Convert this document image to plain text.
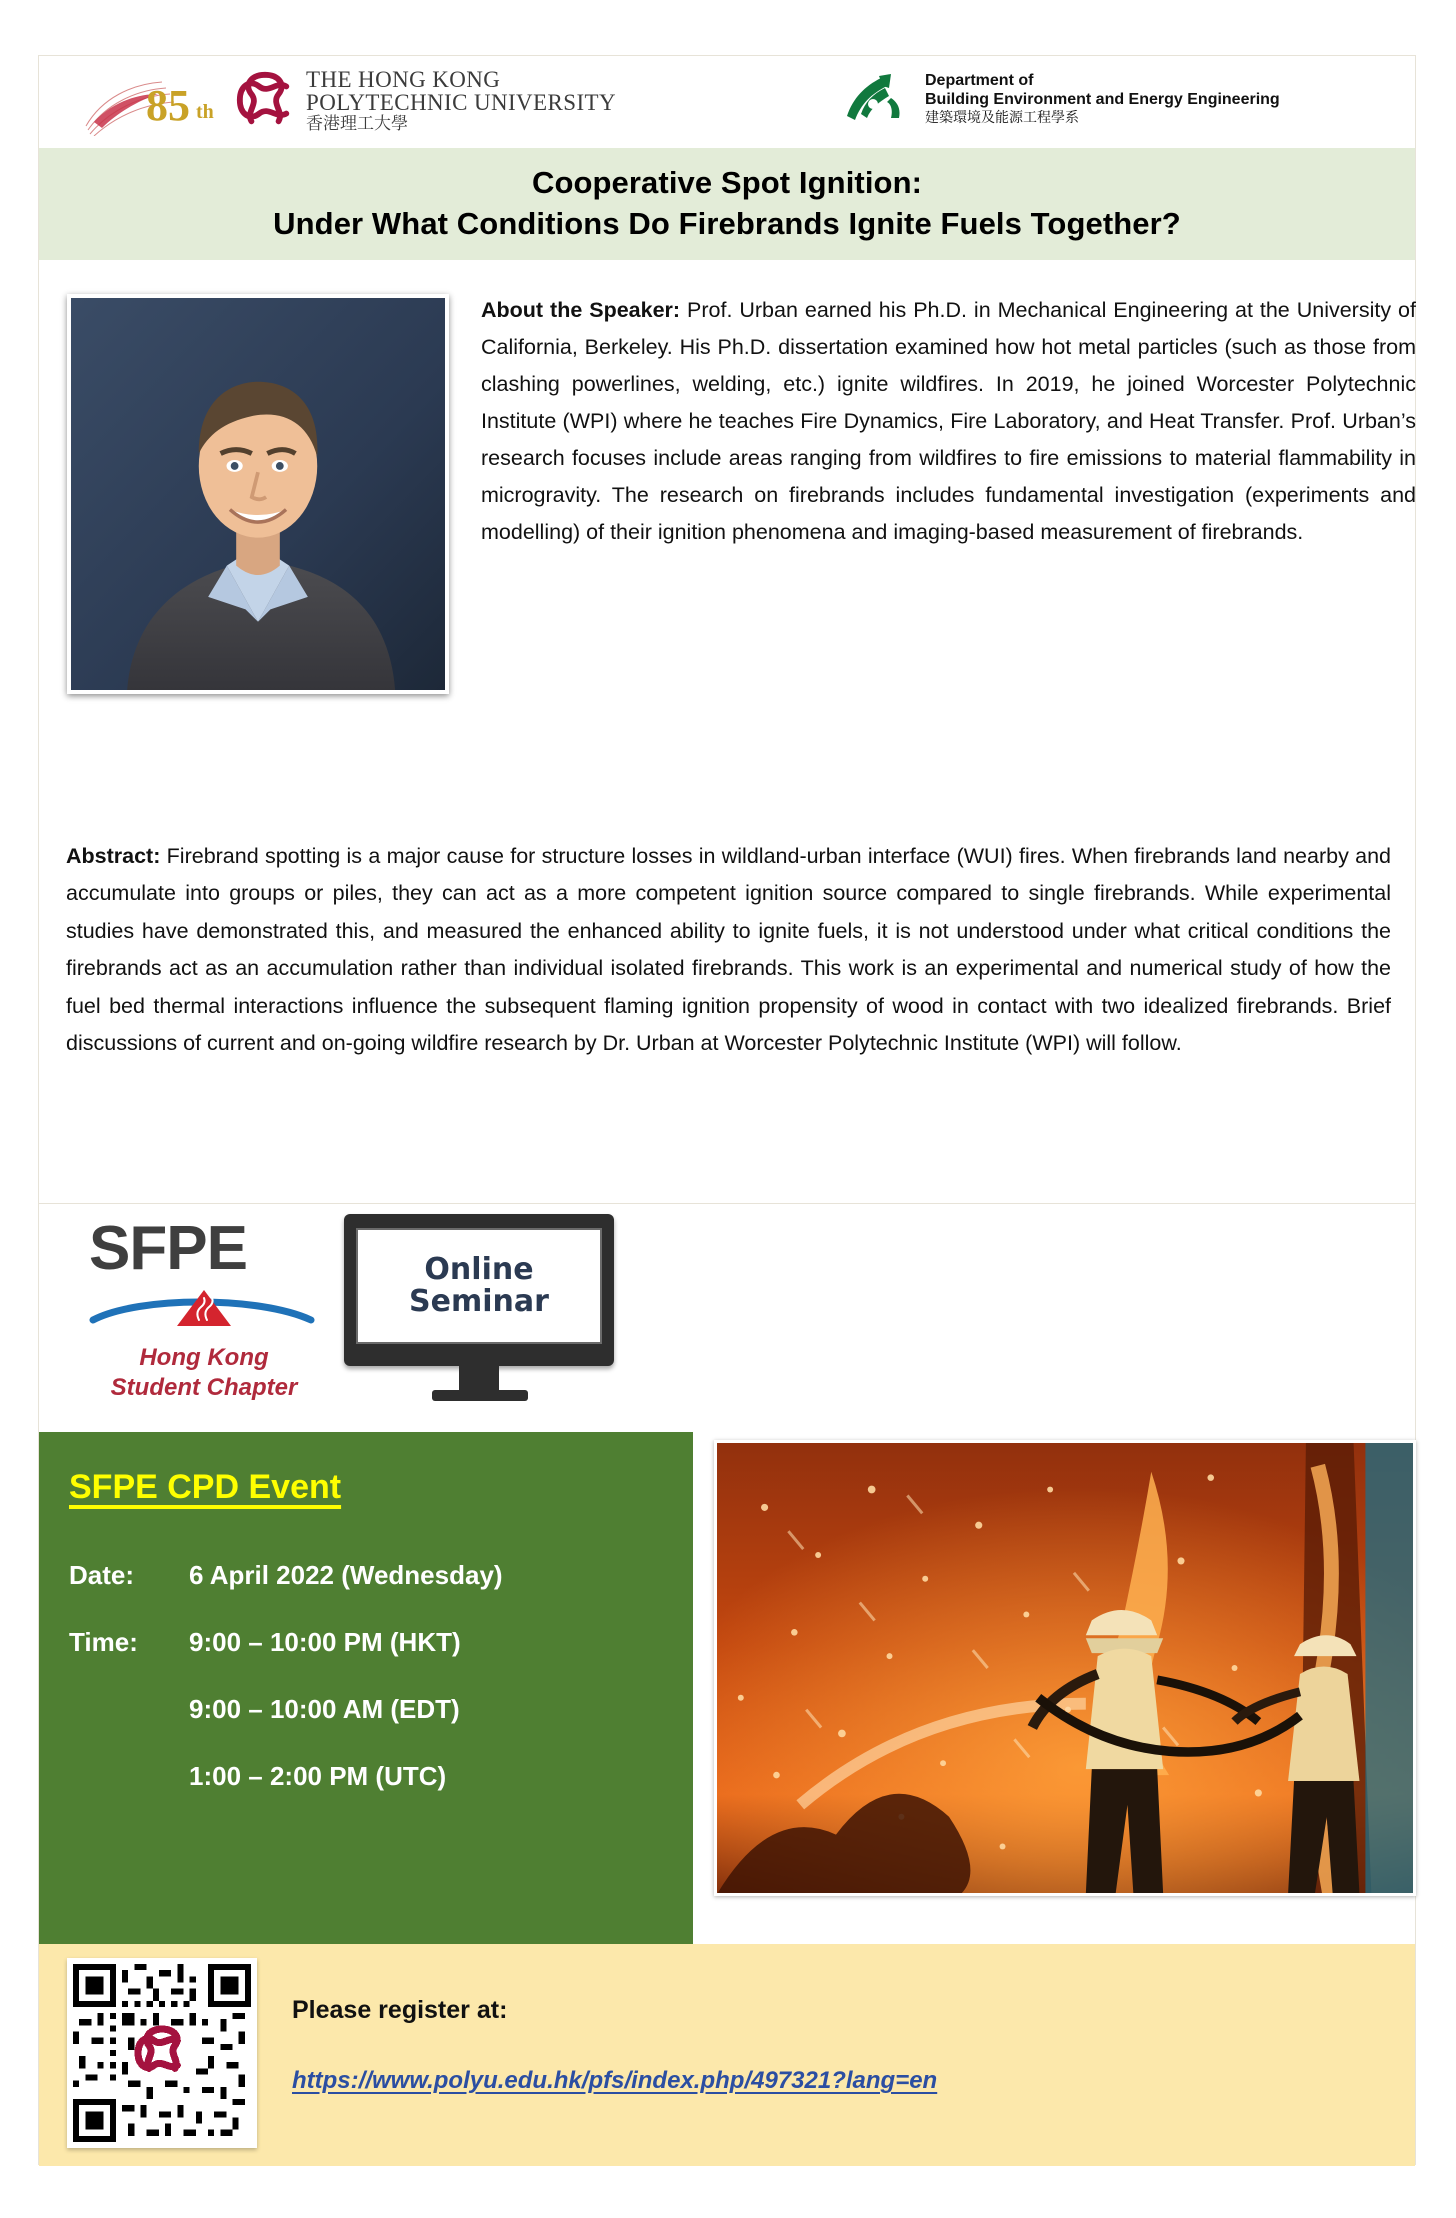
85 th
THE HONG KONG
POLYTECHNIC UNIVERSITY
香港理工大學
Department of
Building Environment and Energy Engineering
建築環境及能源工程學系
Cooperative Spot Ignition:
Under What Conditions Do Firebrands Ignite Fuels Together?
About the Speaker: Prof. Urban earned his Ph.D. in Mechanical Engineering at the University of California, Berkeley. His Ph.D. dissertation examined how hot metal particles (such as those from clashing powerlines, welding, etc.) ignite wildfires. In 2019, he joined Worcester Polytechnic Institute (WPI) where he teaches Fire Dynamics, Fire Laboratory, and Heat Transfer. Prof. Urban’s research focuses include areas ranging from wildfires to fire emissions to material flammability in microgravity. The research on firebrands includes fundamental investigation (experiments and modelling) of their ignition phenomena and imaging-based measurement of firebrands.
Abstract: Firebrand spotting is a major cause for structure losses in wildland-urban interface (WUI) fires. When firebrands land nearby and accumulate into groups or piles, they can act as a more competent ignition source compared to single firebrands. While experimental studies have demonstrated this, and measured the enhanced ability to ignite fuels, it is not understood under what critical conditions the firebrands act as an accumulation rather than individual isolated firebrands. This work is an experimental and numerical study of how the fuel bed thermal interactions influence the subsequent flaming ignition propensity of wood in contact with two idealized firebrands. Brief discussions of current and on-going wildfire research by Dr. Urban at Worcester Polytechnic Institute (WPI) will follow.
SFPE
Hong Kong
Student Chapter
Online
Seminar
SFPE CPD Event
Date:	6 April 2022 (Wednesday)
Time:	9:00 – 10:00 PM (HKT)
9:00 – 10:00 AM (EDT)
1:00 – 2:00 PM (UTC)
Please register at:
https://www.polyu.edu.hk/pfs/index.php/497321?lang=en
